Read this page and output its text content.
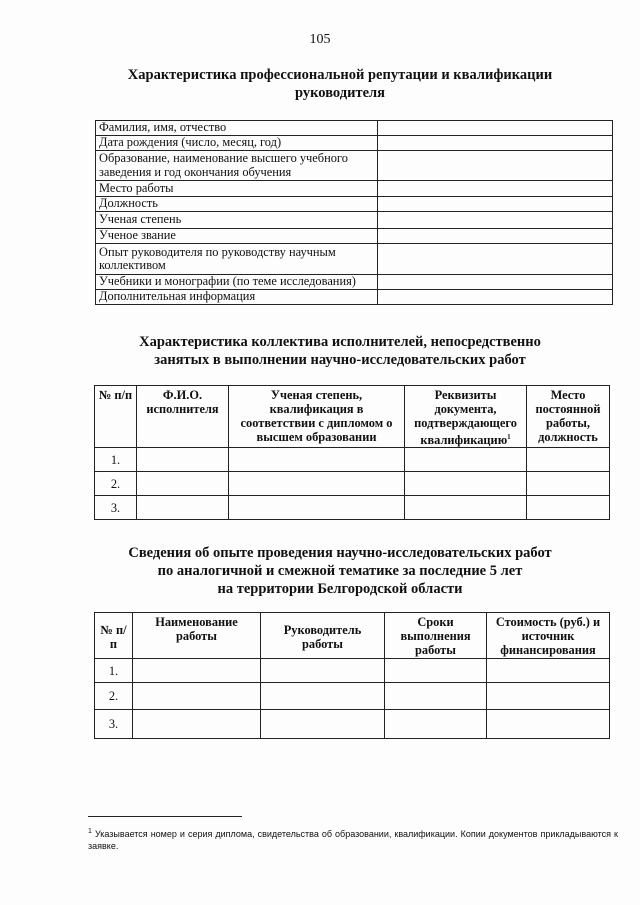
105
Характеристика профессиональной репутации и квалификации
руководителя
Фамилия, имя, отчество	
Дата рождения (число, месяц, год)	
Образование, наименование высшего учебного заведения и год окончания обучения	
Место работы	
Должность	
Ученая степень	
Ученое звание	
Опыт руководителя по руководству научным коллективом	
Учебники и монографии (по теме исследования)	
Дополнительная информация	
Характеристика коллектива исполнителей, непосредственно
занятых в выполнении научно-исследовательских работ
№ п/п	Ф.И.О. исполнителя	Ученая степень, квалификация в соответствии с дипломом о высшем образовании	Реквизиты документа, подтверждающего квалификацию$^1$	Место постоянной работы, должность
1.				
2.				
3.				
Сведения об опыте проведения научно-исследовательских работ
по аналогичной и смежной тематике за последние 5 лет
на территории Белгородской области
№ п/п	Наименование работы	Руководитель работы	Сроки выполнения работы	Стоимость (руб.) и источник финансирования
1.				
2.				
3.				
$^1$ Указывается номер и серия диплома, свидетельства об образовании, квалификации. Копии документов прикладываются к заявке.
